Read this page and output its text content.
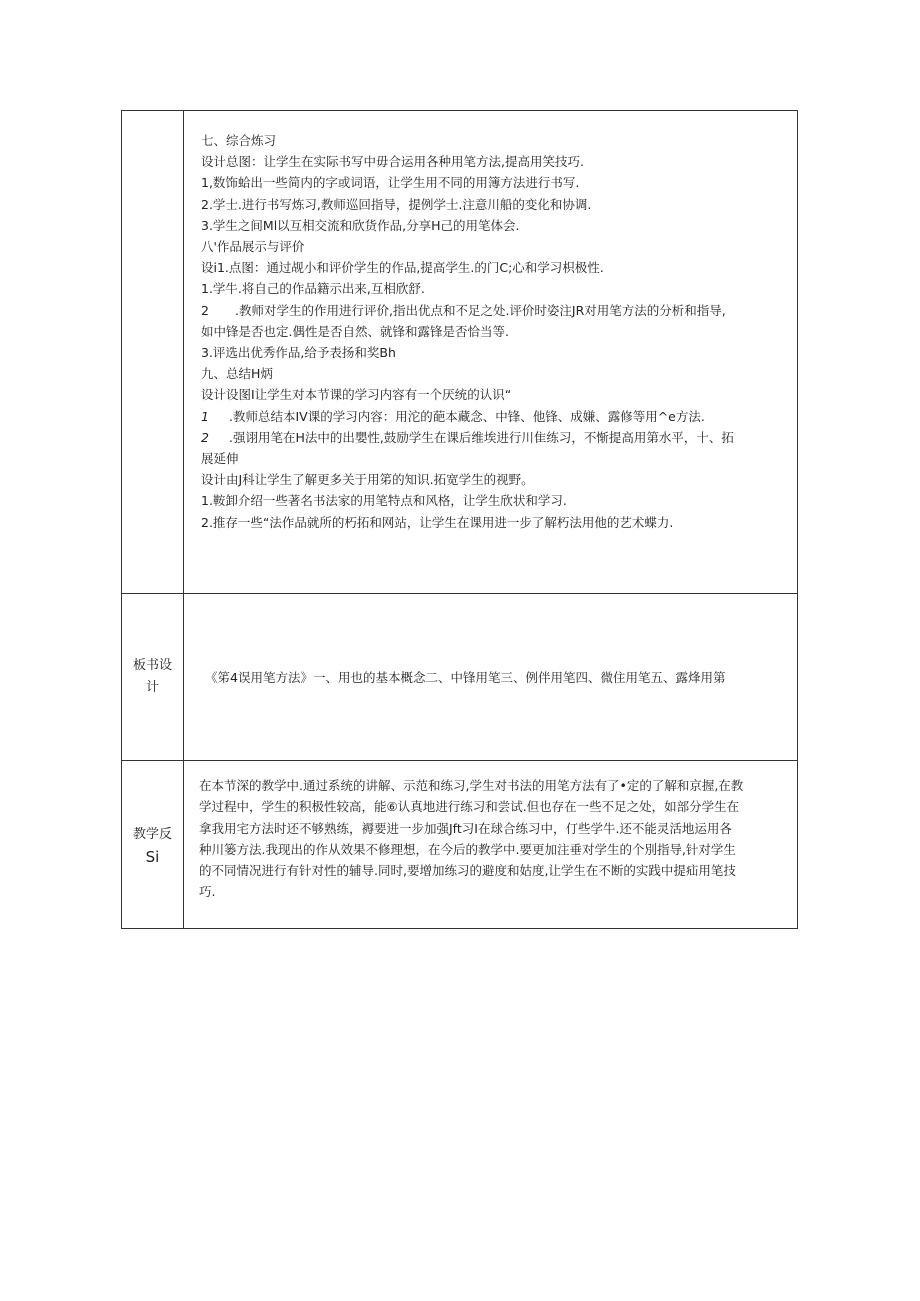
七、综合炼习

设计总图：让学生在实际书写中毋合运用各种用笔方法,提高用笑技巧.

1,数饰蛤出一些简内的字或词语，让学生用不同的用簿方法进行书写.

2.学士.进行书写炼习,教师巡回指导，提例学士.注意川船的变化和协调.

3.学生之间Ml以互相交流和欣货作品,分享H己的用笔体会.

八'作品展示与评价

设i1.点图：通过觇小和评价学生的作品,提高学生.的门C;心和学习枳极性.

1.学牛.将自己的作品籍示出来,互相欣舒.

2 .教师对学生的作用进行评价,指出优点和不足之处.评价时姿注JR对用笔方法的分析和指导,

如中锋是否也定.偶性是否自然、就锋和露锋是否恰当等.

3.评选出优秀作品,给予表扬和奖Bh

九、总结H炳

设计设图I让学生对本节课的学习内容有一个厌统的认识“

1 .教师总结本IV课的学习内容：用沱的葩本藏念、中锋、他锋、成嫌、露修等用^e方法.

2 .强诩用笔在H法中的出嬰性,鼓励学生在课后维埃进行川隹练习，不惭提高用第水平，十、拓

展延伸

设计由J科让学生了解更多关于用笫的知识.拓宽学生的视野。

1.鞍卸介绍一些著名书法家的用笔特点和风格，让学生欣状和学习.

2.推存一些“法作品就所的朽拓和网站，让学生在课用进一步了解朽法用他的艺术蝶力.

板书设
计

《笫4误用笔方法》一、用也的基本概念二、中锋用笔三、例伴用笔四、微住用笔五、露烽用第

教学反
Si

在本节深的教学中.通过系统的讲解、示范和练习,学生对书法的用笔方法有了•定的了解和京握,在教

学过程中，学生的积极性较高，能⑥认真地进行练习和尝试.但也存在一些不足之处，如部分学生在

拿我用宅方法时还不够熟练，褥要进一步加强Jft习I在球合练习中，仃些学牛.还不能灵活地运用各

种川篓方法.我现出的作从效果不修理想，在今后的教学中.要更加注垂对学生的个別指导,针对学生

的不同情况进行有针对性的辅导.同时,要增加练习的避度和姑度,让学生在不断的实践中提疝用笔技

巧.
